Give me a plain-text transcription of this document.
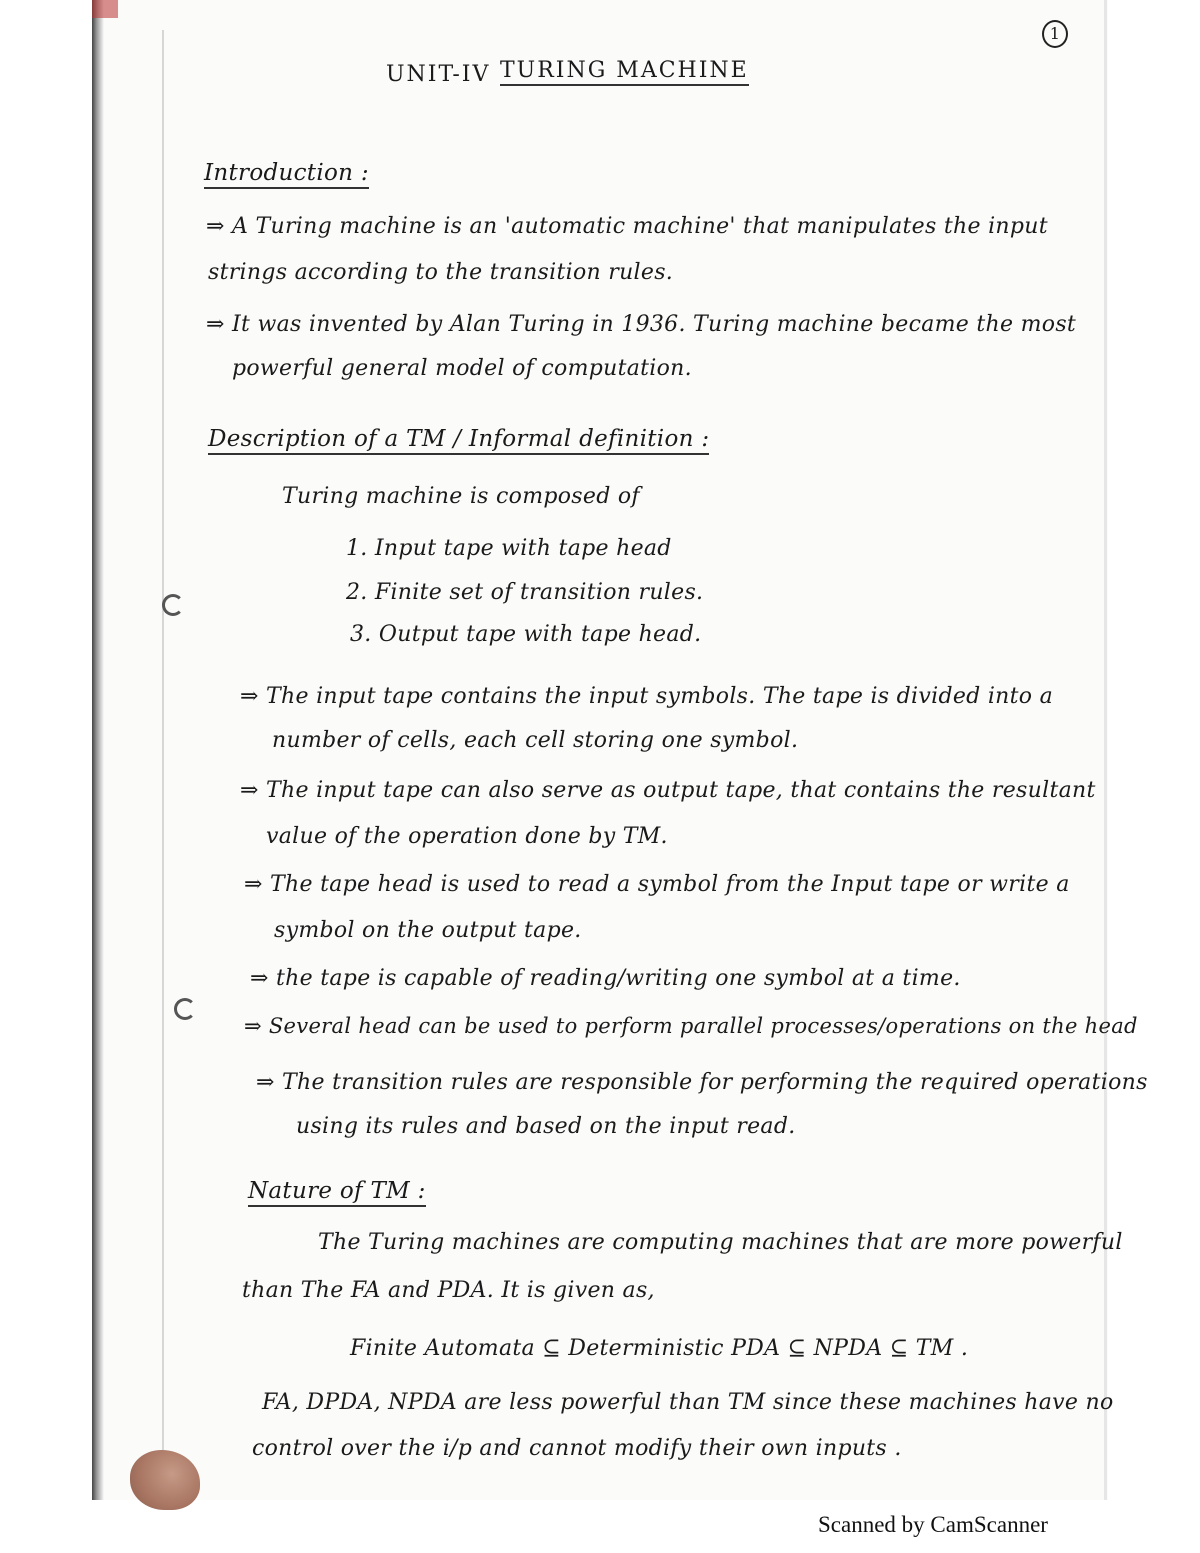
1
UNIT-IV TURING MACHINE
Introduction :
⇒ A Turing machine is an 'automatic machine' that manipulates the input
strings according to the transition rules.
⇒ It was invented by Alan Turing in 1936. Turing machine became the most
powerful general model of computation.
Description of a TM / Informal definition :
Turing machine is composed of
1. Input tape with tape head
2. Finite set of transition rules.
3. Output tape with tape head.
⇒ The input tape contains the input symbols. The tape is divided into a
number of cells, each cell storing one symbol.
⇒ The input tape can also serve as output tape, that contains the resultant
value of the operation done by TM.
⇒ The tape head is used to read a symbol from the Input tape or write a
symbol on the output tape.
⇒ the tape is capable of reading/writing one symbol at a time.
⇒ Several head can be used to perform parallel processes/operations on the head
⇒ The transition rules are responsible for performing the required operations
using its rules and based on the input read.
Nature of TM :
The Turing machines are computing machines that are more powerful
than The FA and PDA. It is given as,
Finite Automata ⊆ Deterministic PDA ⊆ NPDA ⊆ TM .
FA, DPDA, NPDA are less powerful than TM since these machines have no
control over the i/p and cannot modify their own inputs .
Scanned by CamScanner
